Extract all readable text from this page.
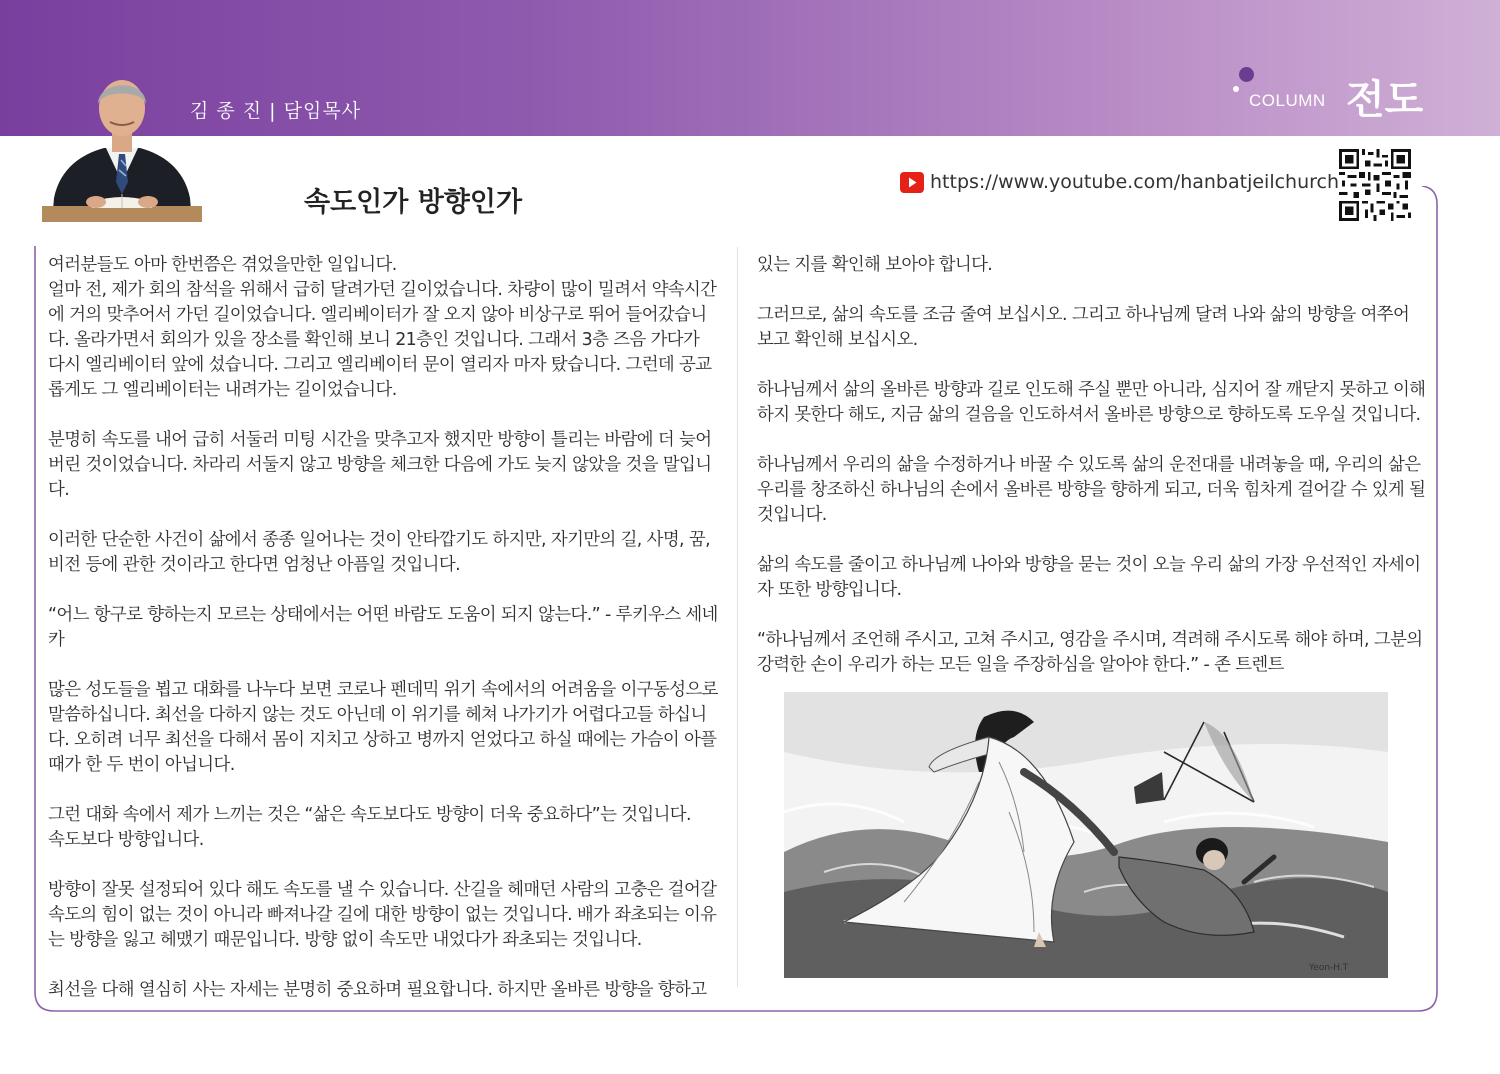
김 종 진 | 담임목사	COLUMN 전도
속도인가 방향인가
https://www.youtube.com/hanbatjeilchurch

여러분들도 아마 한번쯤은 겪었을만한 일입니다.
얼마 전, 제가 회의 참석을 위해서 급히 달려가던 길이었습니다. 차량이 많이 밀려서 약속시간에 거의 맞추어서 가던 길이었습니다. 엘리베이터가 잘 오지 않아 비상구로 뛰어 들어갔습니다. 올라가면서 회의가 있을 장소를 확인해 보니 21층인 것입니다. 그래서 3층 즈음 가다가 다시 엘리베이터 앞에 섰습니다. 그리고 엘리베이터 문이 열리자 마자 탔습니다. 그런데 공교롭게도 그 엘리베이터는 내려가는 길이었습니다.

분명히 속도를 내어 급히 서둘러 미팅 시간을 맞추고자 했지만 방향이 틀리는 바람에 더 늦어버린 것이었습니다. 차라리 서둘지 않고 방향을 체크한 다음에 가도 늦지 않았을 것을 말입니다.

이러한 단순한 사건이 삶에서 종종 일어나는 것이 안타깝기도 하지만, 자기만의 길, 사명, 꿈, 비전 등에 관한 것이라고 한다면 엄청난 아픔일 것입니다.

“어느 항구로 향하는지 모르는 상태에서는 어떤 바람도 도움이 되지 않는다.” - 루키우스 세네카

많은 성도들을 뵙고 대화를 나누다 보면 코로나 펜데믹 위기 속에서의 어려움을 이구동성으로 말씀하십니다. 최선을 다하지 않는 것도 아닌데 이 위기를 헤쳐 나가기가 어렵다고들 하십니다. 오히려 너무 최선을 다해서 몸이 지치고 상하고 병까지 얻었다고 하실 때에는 가슴이 아플 때가 한 두 번이 아닙니다.

그런 대화 속에서 제가 느끼는 것은 “삶은 속도보다도 방향이 더욱 중요하다”는 것입니다.
속도보다 방향입니다.

방향이 잘못 설정되어 있다 해도 속도를 낼 수 있습니다. 산길을 헤매던 사람의 고충은 걸어갈 속도의 힘이 없는 것이 아니라 빠져나갈 길에 대한 방향이 없는 것입니다. 배가 좌초되는 이유는 방향을 잃고 헤맸기 때문입니다. 방향 없이 속도만 내었다가 좌초되는 것입니다.

최선을 다해 열심히 사는 자세는 분명히 중요하며 필요합니다. 하지만 올바른 방향을 향하고

있는 지를 확인해 보아야 합니다.

그러므로, 삶의 속도를 조금 줄여 보십시오. 그리고 하나님께 달려 나와 삶의 방향을 여쭈어 보고 확인해 보십시오.

하나님께서 삶의 올바른 방향과 길로 인도해 주실 뿐만 아니라, 심지어 잘 깨닫지 못하고 이해하지 못한다 해도, 지금 삶의 걸음을 인도하셔서 올바른 방향으로 향하도록 도우실 것입니다.

하나님께서 우리의 삶을 수정하거나 바꿀 수 있도록 삶의 운전대를 내려놓을 때, 우리의 삶은 우리를 창조하신 하나님의 손에서 올바른 방향을 향하게 되고, 더욱 힘차게 걸어갈 수 있게 될 것입니다.

삶의 속도를 줄이고 하나님께 나아와 방향을 묻는 것이 오늘 우리 삶의 가장 우선적인 자세이자 또한 방향입니다.

“하나님께서 조언해 주시고, 고쳐 주시고, 영감을 주시며, 격려해 주시도록 해야 하며, 그분의 강력한 손이 우리가 하는 모든 일을 주장하심을 알아야 한다.” - 존 트렌트

Yeon-H.T
